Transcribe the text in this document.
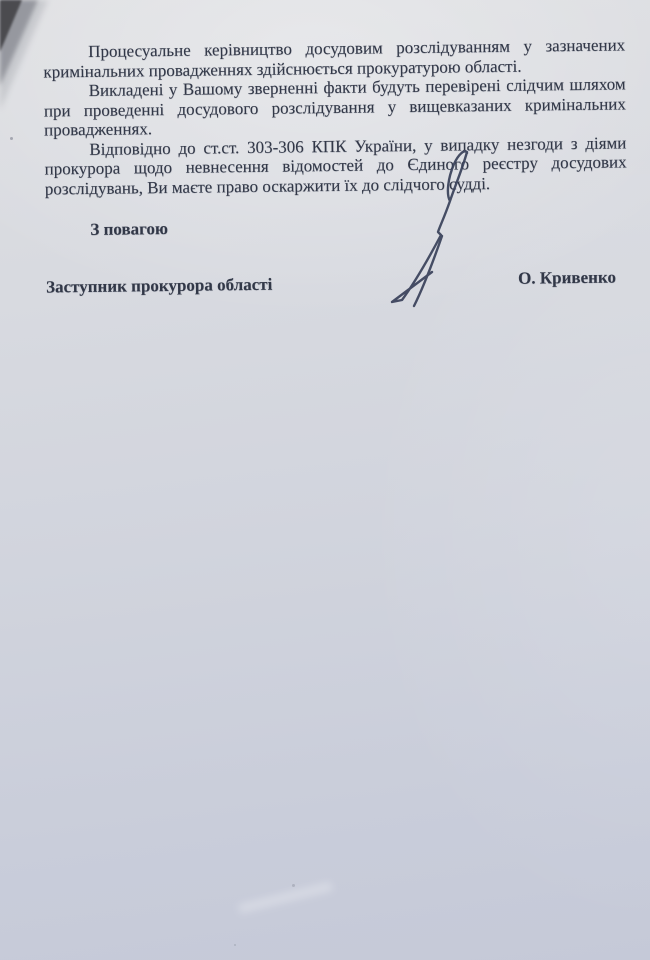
Процесуальне керівництво досудовим розслідуванням у зазначених
кримінальних провадженнях здійснюється прокуратурою області.
Викладені у Вашому зверненні факти будуть перевірені слідчим шляхом
при проведенні досудового розслідування у вищевказаних кримінальних
провадженнях.
Відповідно до ст.ст. 303-306 КПК України, у випадку незгоди з діями
прокурора щодо невнесення відомостей до Єдиного реєстру досудових
розслідувань, Ви маєте право оскаржити їх до слідчого судді.
З повагою
Заступник прокурора області	О. Кривенко
